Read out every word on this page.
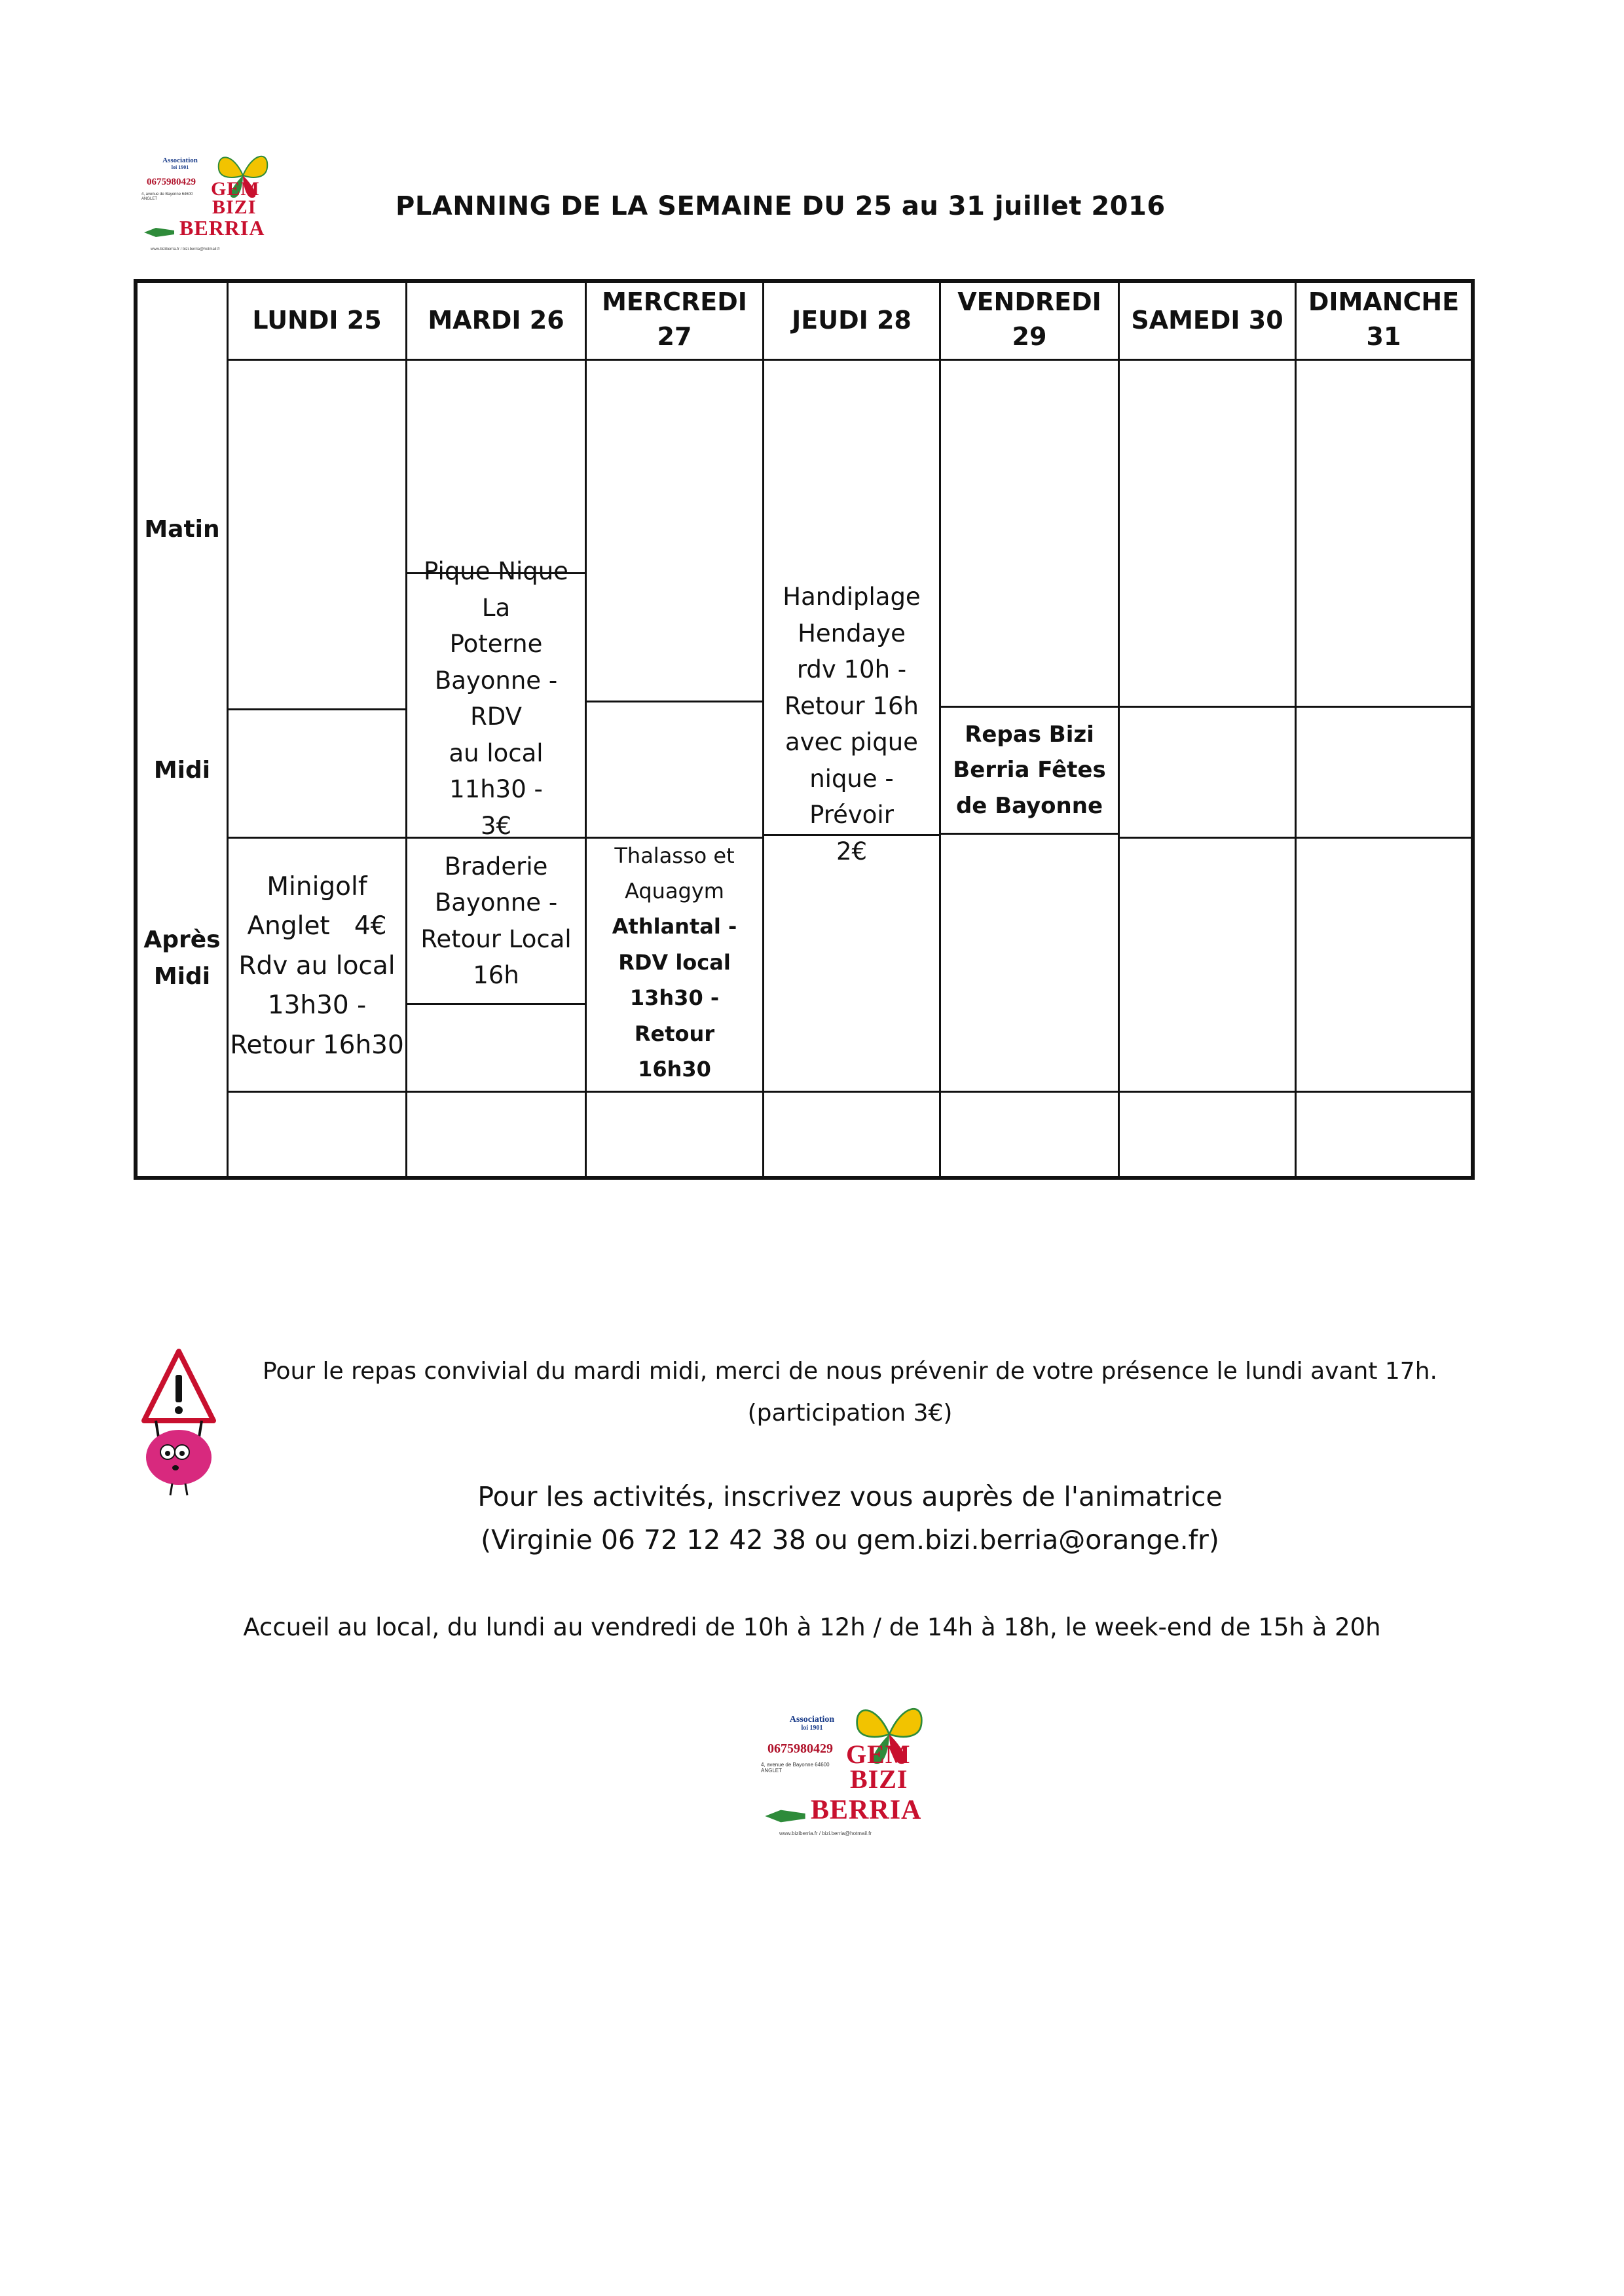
Association
loi 1901
0675980429
4, avenue de Bayonne 64600 ANGLET	GEM
BIZI
BERRIA
www.biziberria.fr / bizi.berria@hotmail.fr
PLANNING DE LA SEMAINE DU 25 au 31 juillet 2016
LUNDI 25 MARDI 26
MERCREDI
27
JEUDI 28
VENDREDI
29
SAMEDI 30
DIMANCHE
31
Matin
Midi
Après
Midi
Pique Nique La
Poterne
Bayonne - RDV
au local 11h30 -
3€
Handiplage
Hendaye
rdv 10h -
Retour 16h
avec pique
nique - Prévoir
2€
Repas Bizi
Berria Fêtes
de Bayonne
Minigolf
Anglet   4€
Rdv au local
13h30 -
Retour 16h30
Braderie
Bayonne -
Retour Local
16h
Thalasso et
Aquagym
Athlantal -
RDV local
13h30 - Retour
16h30
Pour le repas convivial du mardi midi, merci de nous prévenir de votre présence le lundi avant 17h.
(participation 3€)
Pour les activités, inscrivez vous auprès de l'animatrice
(Virginie 06 72 12 42 38 ou gem.bizi.berria@orange.fr)
Accueil au local, du lundi au vendredi de 10h à 12h / de 14h à 18h, le week-end de 15h à 20h
Association
loi 1901
0675980429
4, avenue de Bayonne 64600 ANGLET
GEM
BIZI
BERRIA
www.biziberria.fr / bizi.berria@hotmail.fr
